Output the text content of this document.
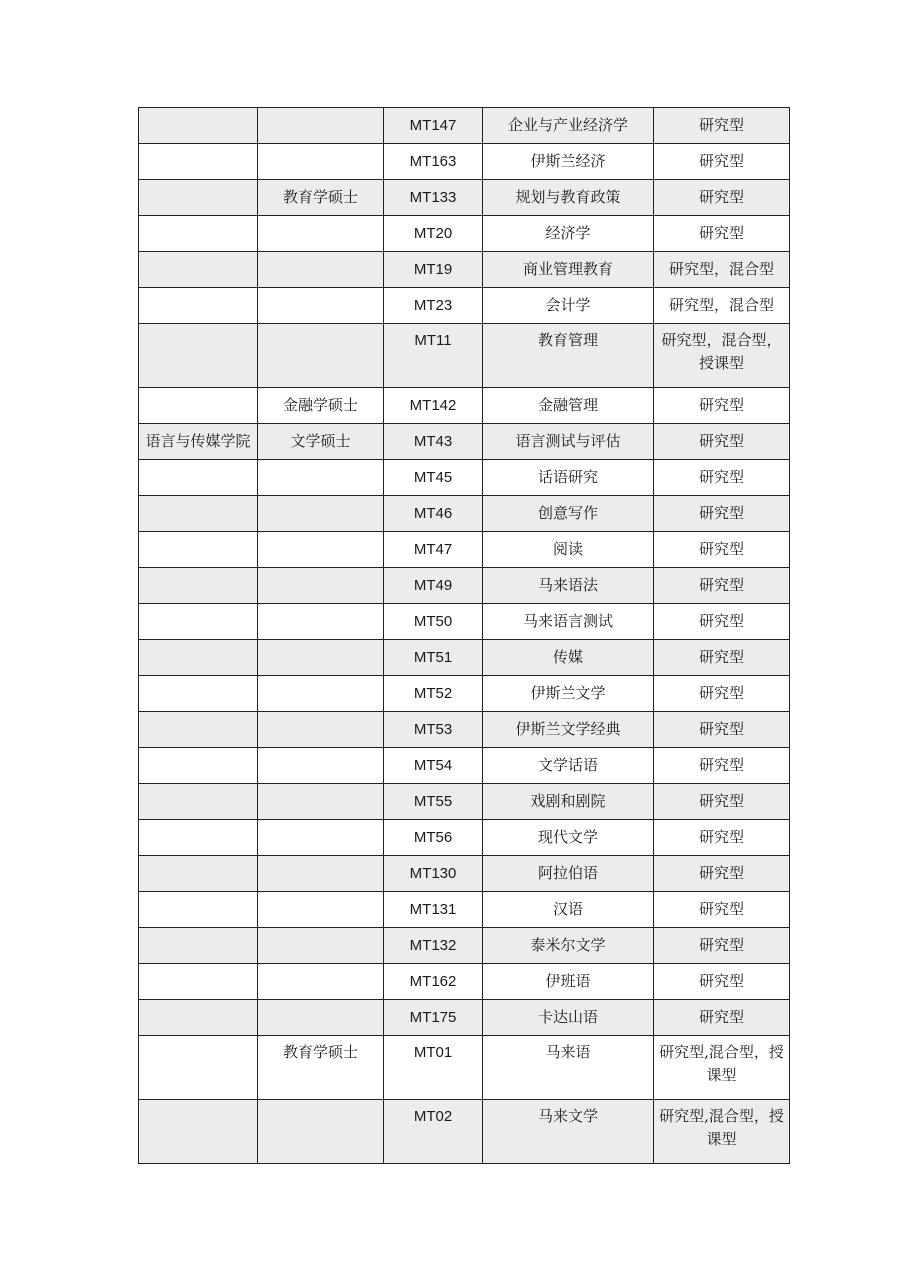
		MT147	企业与产业经济学	研究型
		MT163	伊斯兰经济	研究型
	教育学硕士	MT133	规划与教育政策	研究型
		MT20	经济学	研究型
		MT19	商业管理教育	研究型，混合型
		MT23	会计学	研究型，混合型
		MT11	教育管理	研究型，混合型，授课型
	金融学硕士	MT142	金融管理	研究型
语言与传媒学院	文学硕士	MT43	语言测试与评估	研究型
		MT45	话语研究	研究型
		MT46	创意写作	研究型
		MT47	阅读	研究型
		MT49	马来语法	研究型
		MT50	马来语言测试	研究型
		MT51	传媒	研究型
		MT52	伊斯兰文学	研究型
		MT53	伊斯兰文学经典	研究型
		MT54	文学话语	研究型
		MT55	戏剧和剧院	研究型
		MT56	现代文学	研究型
		MT130	阿拉伯语	研究型
		MT131	汉语	研究型
		MT132	泰米尔文学	研究型
		MT162	伊班语	研究型
		MT175	卡达山语	研究型
	教育学硕士	MT01	马来语	研究型,混合型，授课型
		MT02	马来文学	研究型,混合型，授课型
